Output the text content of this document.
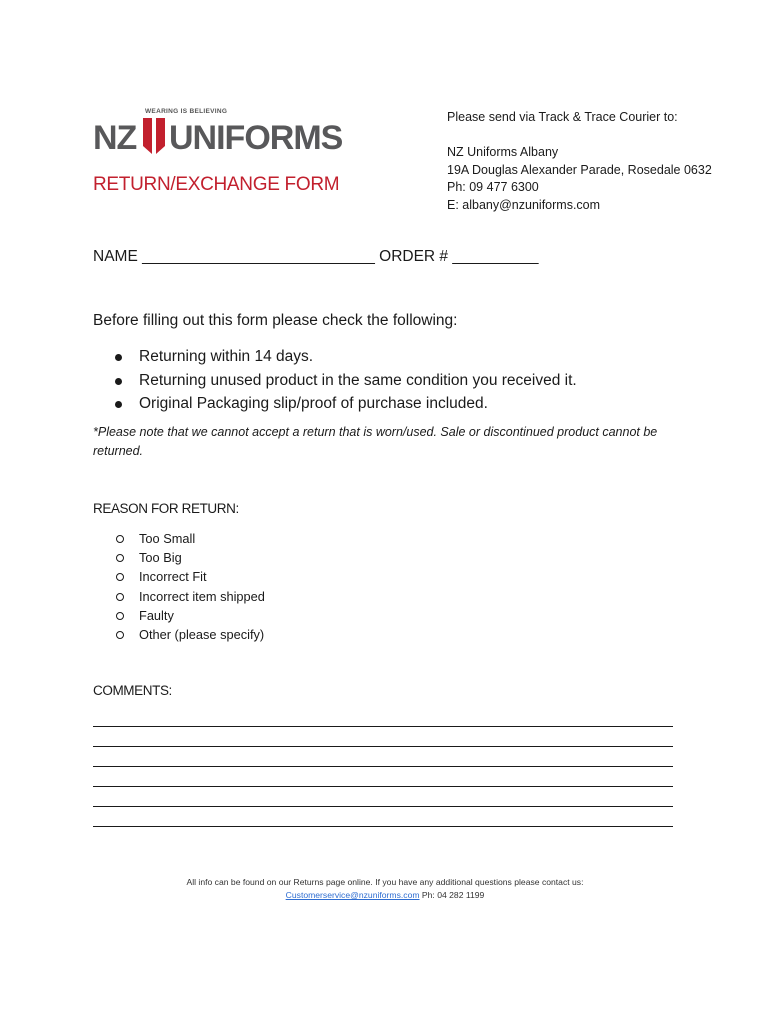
WEARING IS BELIEVING
NZ UNIFORMS
RETURN/EXCHANGE FORM
Please send via Track & Trace Courier to:
NZ Uniforms Albany
19A Douglas Alexander Parade, Rosedale 0632
Ph: 09 477 6300
E: albany@nzuniforms.com
NAME ___________________________ ORDER # __________
Before filling out this form please check the following:
Returning within 14 days.
Returning unused product in the same condition you received it.
Original Packaging slip/proof of purchase included.
*Please note that we cannot accept a return that is worn/used. Sale or discontinued product cannot be returned.
REASON FOR RETURN:
Too Small
Too Big
Incorrect Fit
Incorrect item shipped
Faulty
Other (please specify)
COMMENTS:
All info can be found on our Returns page online. If you have any additional questions please contact us:
Customerservice@nzuniforms.com Ph: 04 282 1199
